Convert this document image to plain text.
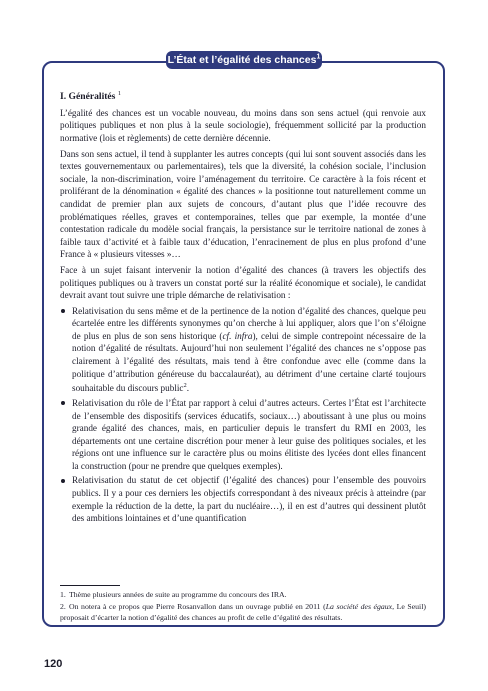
L’État et l’égalité des chances$^1$
I. Généralités $^1$

L’égalité des chances est un vocable nouveau, du moins dans son sens actuel (qui renvoie aux politiques publiques et non plus à la seule sociologie), fréquemment sollicité par la production normative (lois et règlements) de cette dernière décennie.

Dans son sens actuel, il tend à supplanter les autres concepts (qui lui sont souvent associés dans les textes gouvernementaux ou parlementaires), tels que la diversité, la cohésion sociale, l’inclusion sociale, la non-discrimination, voire l’aménagement du territoire. Ce caractère à la fois récent et proliférant de la dénomination « égalité des chances » la positionne tout naturellement comme un candidat de premier plan aux sujets de concours, d’autant plus que l’idée recouvre des problématiques réelles, graves et contemporaines, telles que par exemple, la montée d’une contestation radicale du modèle social français, la persistance sur le territoire national de zones à faible taux d’activité et à faible taux d’éducation, l’enracinement de plus en plus profond d’une France à « plusieurs vitesses »…

Face à un sujet faisant intervenir la notion d’égalité des chances (à travers les objectifs des politiques publiques ou à travers un constat porté sur la réalité économique et sociale), le candidat devrait avant tout suivre une triple démarche de relativisation :

Relativisation du sens même et de la pertinence de la notion d’égalité des chances, quelque peu écartelée entre les différents synonymes qu’on cherche à lui appliquer, alors que l’on s’éloigne de plus en plus de son sens historique (cf. infra), celui de simple contrepoint nécessaire de la notion d’égalité de résultats. Aujourd’hui non seulement l’égalité des chances ne s’oppose pas clairement à l’égalité des résultats, mais tend à être confondue avec elle (comme dans la politique d’attribution généreuse du baccalauréat), au détriment d’une certaine clarté toujours souhaitable du discours public$^2$.
Relativisation du rôle de l’État par rapport à celui d’autres acteurs. Certes l’État est l’architecte de l’ensemble des dispositifs (services éducatifs, sociaux…) aboutissant à une plus ou moins grande égalité des chances, mais, en particulier depuis le transfert du RMI en 2003, les départements ont une certaine discrétion pour mener à leur guise des politiques sociales, et les régions ont une influence sur le caractère plus ou moins élitiste des lycées dont elles financent la construction (pour ne prendre que quelques exemples).
Relativisation du statut de cet objectif (l’égalité des chances) pour l’ensemble des pouvoirs publics. Il y a pour ces derniers les objectifs correspondant à des niveaux précis à atteindre (par exemple la réduction de la dette, la part du nucléaire…), il en est d’autres qui dessinent plutôt des ambitions lointaines et d’une quantification

1. Thème plusieurs années de suite au programme du concours des IRA.

2. On notera à ce propos que Pierre Rosanvallon dans un ouvrage publié en 2011 (La société des égaux, Le Seuil) proposait d’écarter la notion d’égalité des chances au profit de celle d’égalité des résultats.

120
